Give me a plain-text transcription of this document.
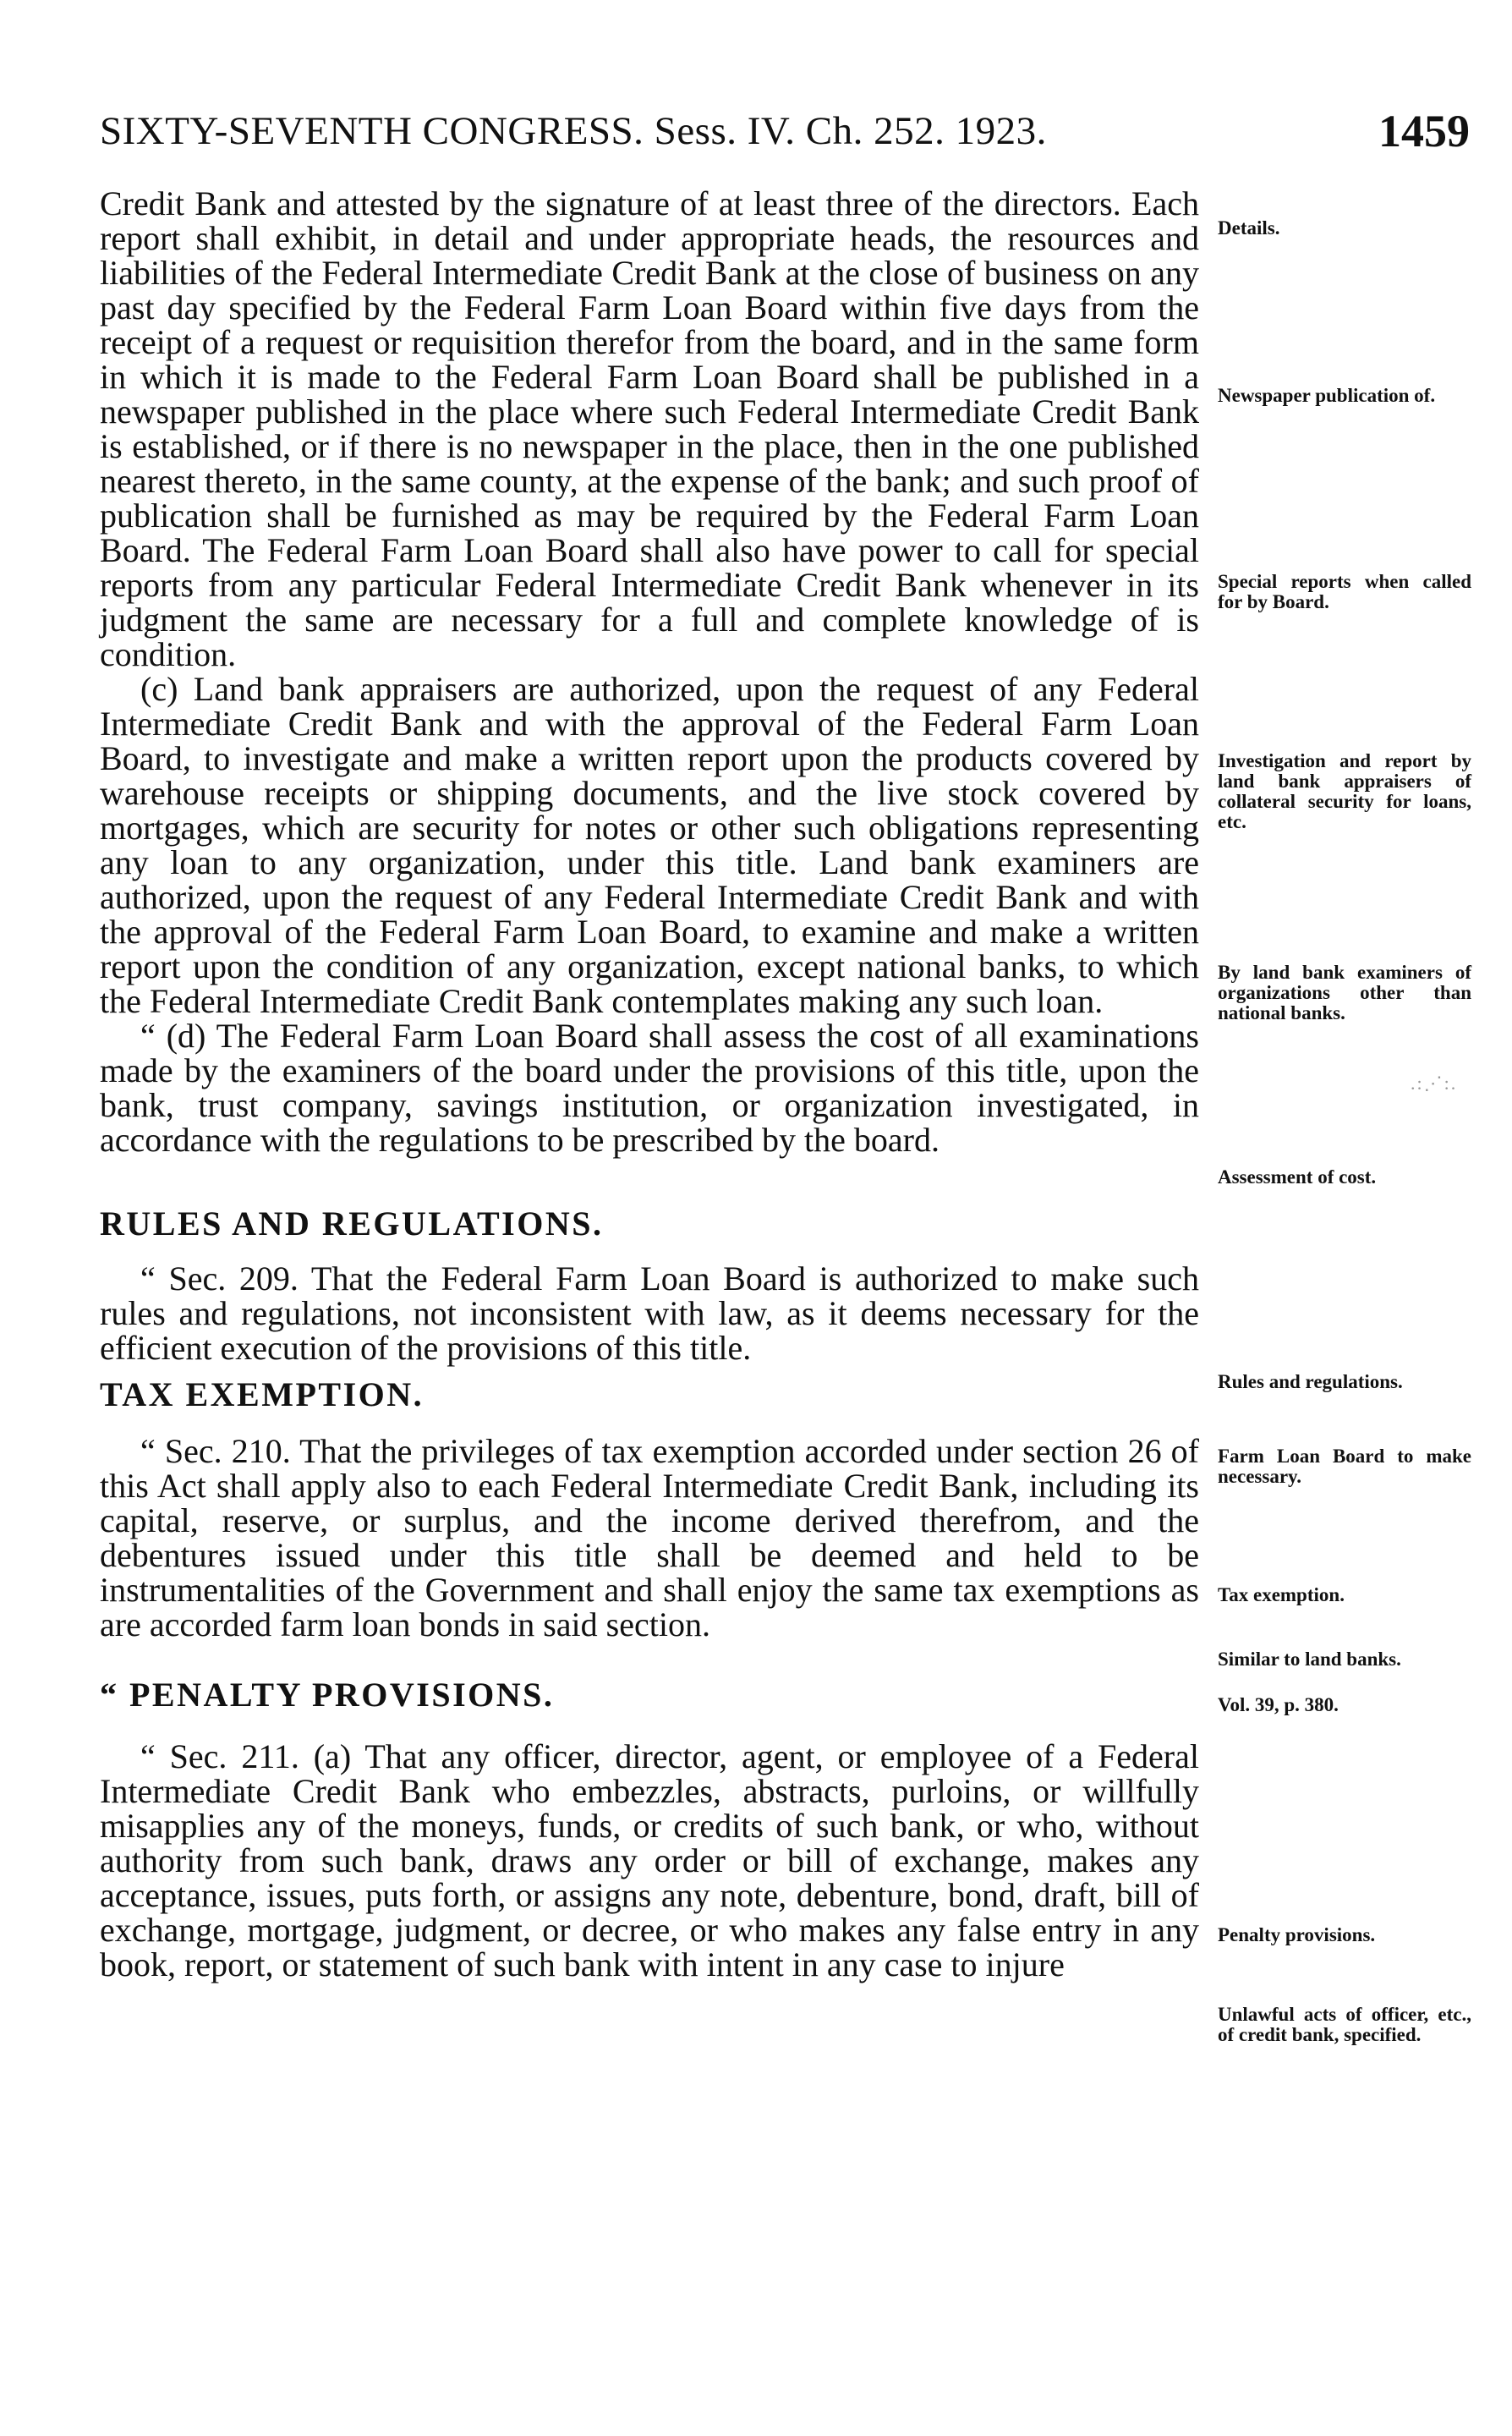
SIXTY-SEVENTH CONGRESS. Sess. IV. Ch. 252. 1923.	1459

Credit Bank and attested by the signature of at least three of the directors. Each report shall exhibit, in detail and under appropriate heads, the resources and liabilities of the Federal Intermediate Credit Bank at the close of business on any past day specified by the Federal Farm Loan Board within five days from the receipt of a request or requisition therefor from the board, and in the same form in which it is made to the Federal Farm Loan Board shall be published in a newspaper published in the place where such Federal Intermediate Credit Bank is established, or if there is no newspaper in the place, then in the one published nearest thereto, in the same county, at the expense of the bank; and such proof of publication shall be furnished as may be required by the Federal Farm Loan Board. The Federal Farm Loan Board shall also have power to call for special reports from any particular Federal Intermediate Credit Bank whenever in its judgment the same are necessary for a full and complete knowledge of is condition.

(c) Land bank appraisers are authorized, upon the request of any Federal Intermediate Credit Bank and with the approval of the Federal Farm Loan Board, to investigate and make a written report upon the products covered by warehouse receipts or shipping documents, and the live stock covered by mortgages, which are security for notes or other such obligations representing any loan to any organization, under this title. Land bank examiners are authorized, upon the request of any Federal Intermediate Credit Bank and with the approval of the Federal Farm Loan Board, to examine and make a written report upon the condition of any organization, except national banks, to which the Federal Intermediate Credit Bank contemplates making any such loan.

“ (d) The Federal Farm Loan Board shall assess the cost of all examinations made by the examiners of the board under the provisions of this title, upon the bank, trust company, savings institution, or organization investigated, in accordance with the regulations to be prescribed by the board.

RULES AND REGULATIONS.

“ Sec. 209. That the Federal Farm Loan Board is authorized to make such rules and regulations, not inconsistent with law, as it deems necessary for the efficient execution of the provisions of this title.

TAX EXEMPTION.

“ Sec. 210. That the privileges of tax exemption accorded under section 26 of this Act shall apply also to each Federal Intermediate Credit Bank, including its capital, reserve, or surplus, and the income derived therefrom, and the debentures issued under this title shall be deemed and held to be instrumentalities of the Government and shall enjoy the same tax exemptions as are accorded farm loan bonds in said section.

“ PENALTY PROVISIONS.

“ Sec. 211. (a) That any officer, director, agent, or employee of a Federal Intermediate Credit Bank who embezzles, abstracts, purloins, or willfully misapplies any of the moneys, funds, or credits of such bank, or who, without authority from such bank, draws any order or bill of exchange, makes any acceptance, issues, puts forth, or assigns any note, debenture, bond, draft, bill of exchange, mortgage, judgment, or decree, or who makes any false entry in any book, report, or statement of such bank with intent in any case to injure

Details.
Newspaper publication of.
Special reports when called for by Board.
Investigation and report by land bank appraisers of collateral security for loans, etc.
By land bank examiners of organizations other than national banks.
.:⋰:.
Assessment of cost.
Rules and regulations.
Farm Loan Board to make necessary.
Tax exemption.
Similar to land banks.
Vol. 39, p. 380.
Penalty provisions.
Unlawful acts of officer, etc., of credit bank, specified.
